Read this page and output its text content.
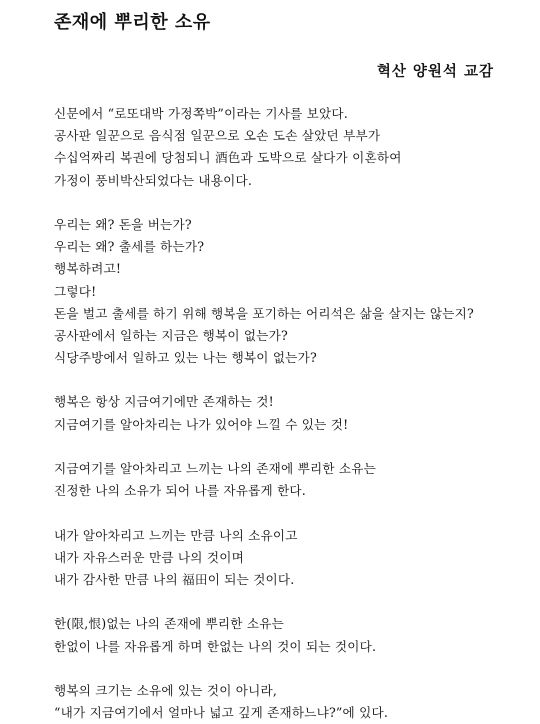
존재에 뿌리한 소유
혁산 양원석 교감
신문에서 “로또대박 가정쪽박”이라는 기사를 보았다.
공사판 일꾼으로 음식점 일꾼으로 오손 도손 살았던 부부가
수십억짜리 복권에 당첨되니 酒色과 도박으로 살다가 이혼하여
가정이 풍비박산되었다는 내용이다.
우리는 왜? 돈을 버는가?
우리는 왜? 출세를 하는가?
행복하려고!
그렇다!
돈을 벌고 출세를 하기 위해 행복을 포기하는 어리석은 삶을 살지는 않는지?
공사판에서 일하는 지금은 행복이 없는가?
식당주방에서 일하고 있는 나는 행복이 없는가?
행복은 항상 지금여기에만 존재하는 것!
지금여기를 알아차리는 나가 있어야 느낄 수 있는 것!
지금여기를 알아차리고 느끼는 나의 존재에 뿌리한 소유는
진정한 나의 소유가 되어 나를 자유롭게 한다.
내가 알아차리고 느끼는 만큼 나의 소유이고
내가 자유스러운 만큼 나의 것이며
내가 감사한 만큼 나의 福田이 되는 것이다.
한(限,恨)없는 나의 존재에 뿌리한 소유는
한없이 나를 자유롭게 하며 한없는 나의 것이 되는 것이다.
행복의 크기는 소유에 있는 것이 아니라,
“내가 지금여기에서 얼마나 넓고 깊게 존재하느냐?”에 있다.
